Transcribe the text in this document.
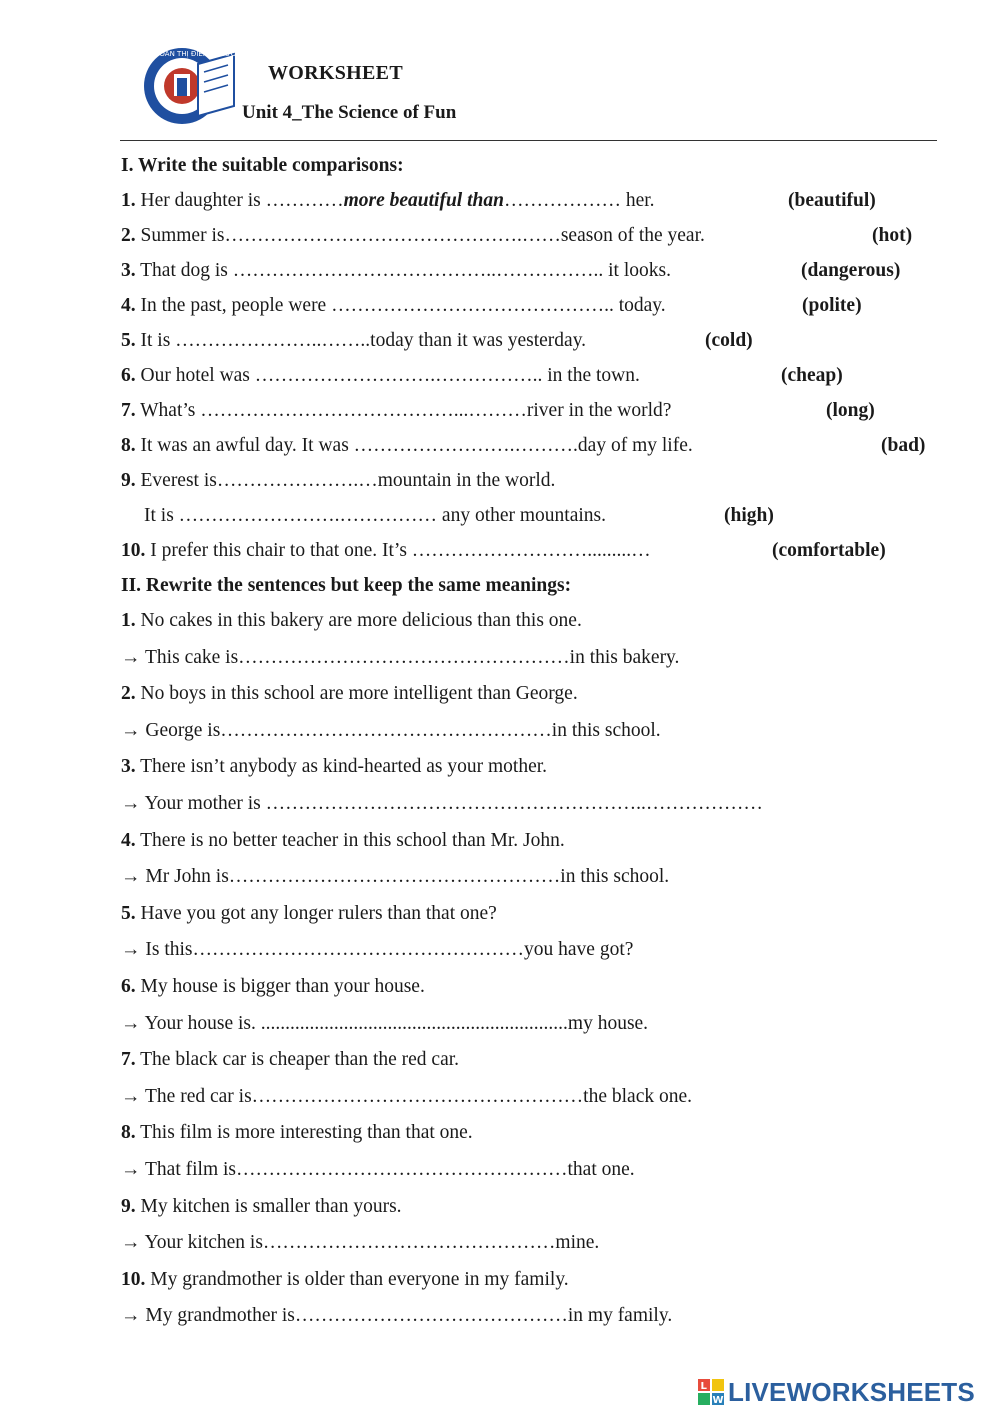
ĐOÀN THỊ ĐIỂM · TRƯỜNG TIỂU HỌC
WORKSHEET
Unit 4_The Science of Fun
I. Write the suitable comparisons:
1. Her daughter is …………more beautiful than……………… her.	(beautiful)
2. Summer is……………………………………….……season of the year.	(hot)
3. That dog is …………………………………..…………….. it looks.	(dangerous)
4. In the past, people were …………………………………….. today.	(polite)
5. It is …………………..……..today than it was yesterday.	(cold)
6. Our hotel was ……………………….…………….. in the town.	(cheap)
7. What’s …………………………………...………river in the world?	(long)
8. It was an awful day. It was …………………….……….day of my life.	(bad)
9. Everest is………………….…mountain in the world.
It is …………………….…………… any other mountains.	(high)
10. I prefer this chair to that one. It’s ……………………….........…	(comfortable)
II. Rewrite the sentences but keep the same meanings:
1. No cakes in this bakery are more delicious than this one.
→ This cake is……………………………………………in this bakery.
2. No boys in this school are more intelligent than George.
→ George is……………………………………………in this school.
3. There isn’t anybody as kind-hearted as your mother.
→ Your mother is …………………………………………………..………………
4. There is no better teacher in this school than Mr. John.
→ Mr John is……………………………………………in this school.
5. Have you got any longer rulers than that one?
→ Is this……………………………………………you have got?
6. My house is bigger than your house.
→ Your house is. ...............................................................my house.
7. The black car is cheaper than the red car.
→ The red car is……………………………………………the black one.
8. This film is more interesting than that one.
→ That film is……………………………………………that one.
9. My kitchen is smaller than yours.
→ Your kitchen is………………………………………mine.
10. My grandmother is older than everyone in my family.
→ My grandmother is……………………………………in my family.
L
W LIVEWORKSHEETS
